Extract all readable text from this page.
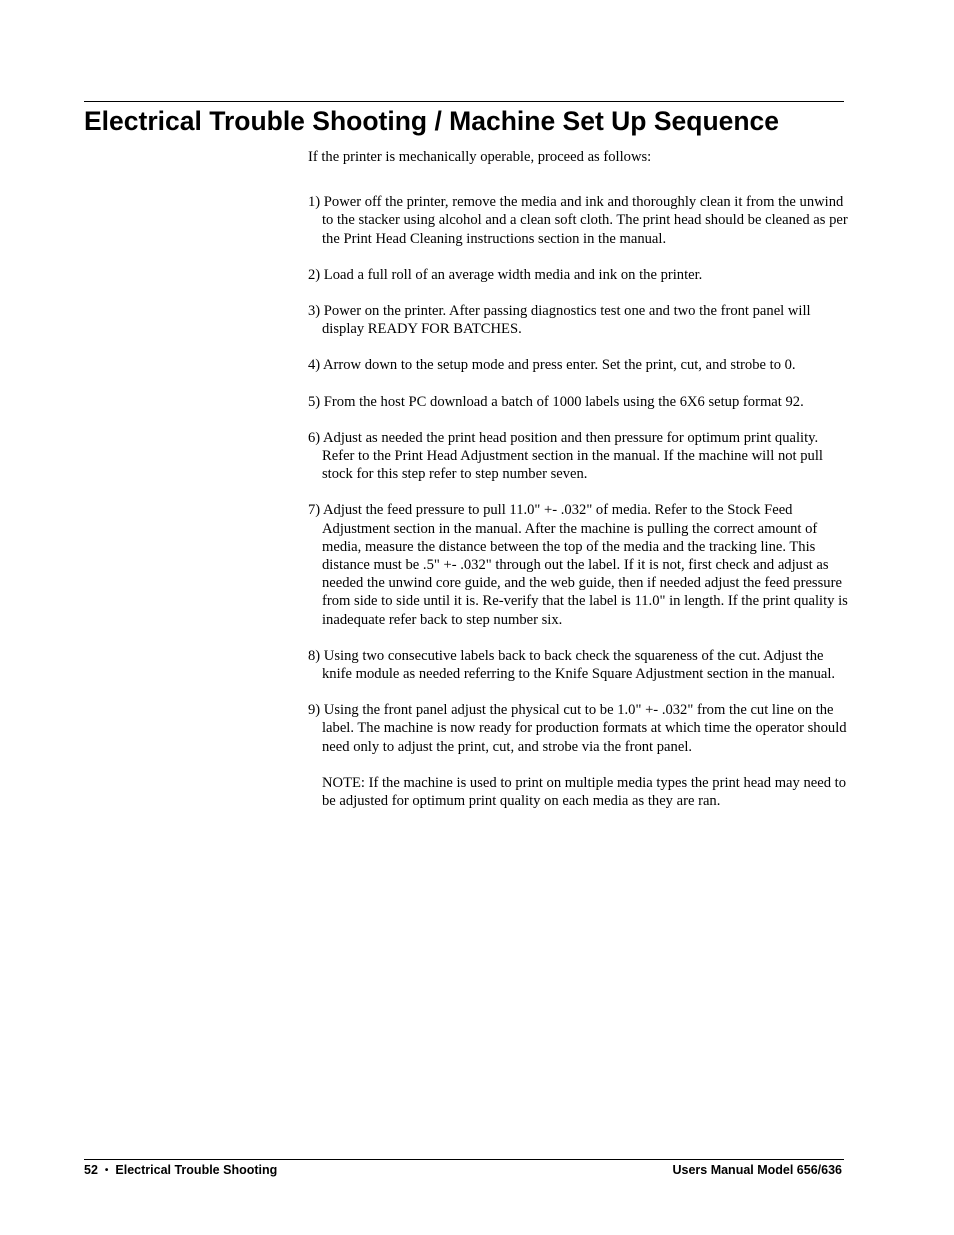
Electrical Trouble Shooting / Machine Set Up Sequence

If the printer is mechanically operable, proceed as follows:

1) Power off the printer, remove the media and ink and thoroughly clean it from the unwind to the stacker using alcohol and a clean soft cloth. The print head should be cleaned as per the Print Head Cleaning instructions section in the manual.

2) Load a full roll of an average width media and ink on the printer.

3) Power on the printer. After passing diagnostics test one and two the front panel will display READY FOR BATCHES.

4) Arrow down to the setup mode and press enter. Set the print, cut, and strobe to 0.

5) From the host PC download a batch of 1000 labels using the 6X6 setup format 92.

6) Adjust as needed the print head position and then pressure for optimum print quality. Refer to the Print Head Adjustment section in the manual. If the machine will not pull stock for this step refer to step number seven.

7) Adjust the feed pressure to pull 11.0" +- .032" of media. Refer to the Stock Feed Adjustment section in the manual. After the machine is pulling the correct amount of media, measure the distance between the top of the media and the tracking line. This distance must be .5" +- .032" through out the label. If it is not, first check and adjust as needed the unwind core guide, and the web guide, then if needed adjust the feed pressure from side to side until it is. Re-verify that the label is 11.0" in length. If the print quality is inadequate refer back to step number six.

8) Using two consecutive labels back to back check the squareness of the cut. Adjust the knife module as needed referring to the Knife Square Adjustment section in the manual.

9) Using the front panel adjust the physical cut to be 1.0" +- .032" from the cut line on the label. The machine is now ready for production formats at which time the operator should need only to adjust the print, cut, and strobe via the front panel.

NOTE: If the machine is used to print on multiple media types the print head may need to be adjusted for optimum print quality on each media as they are ran.

52 • Electrical Trouble Shooting	Users Manual Model 656/636
